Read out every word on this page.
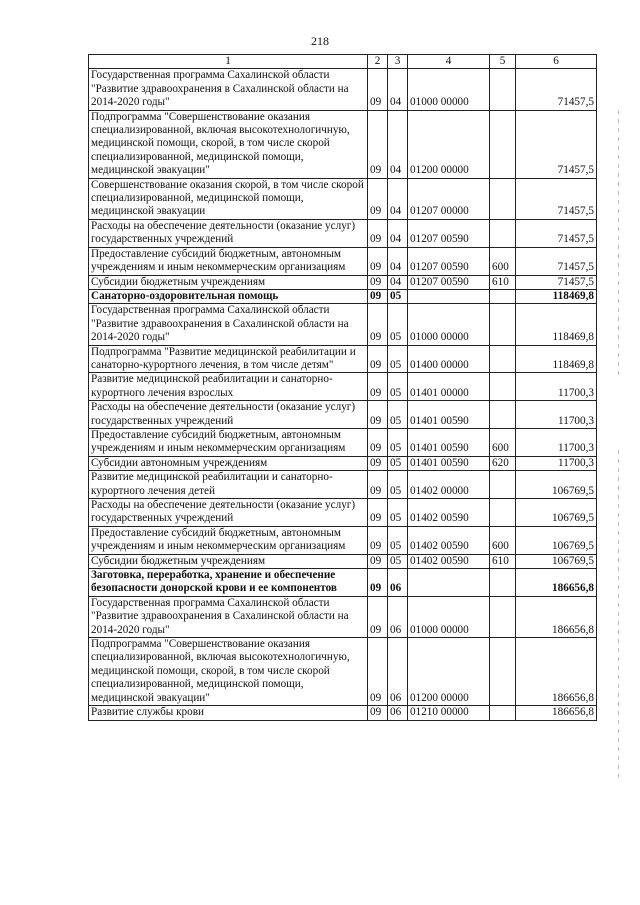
218
1	2	3	4	5	6
Государственная программа Сахалинской области "Развитие здравоохранения в Сахалинской области на 2014-2020 годы"	09	04	01000 00000		71457,5
Подпрограмма "Совершенствование оказания специализированной, включая высокотехнологичную, медицинской помощи, скорой, в том числе скорой специализированной, медицинской помощи, медицинской эвакуации"	09	04	01200 00000		71457,5
Совершенствование оказания скорой, в том числе скорой специализированной, медицинской помощи, медицинской эвакуации	09	04	01207 00000		71457,5
Расходы на обеспечение деятельности (оказание услуг) государственных учреждений	09	04	01207 00590		71457,5
Предоставление субсидий бюджетным, автономным учреждениям и иным некоммерческим организациям	09	04	01207 00590	600	71457,5
Субсидии бюджетным учреждениям	09	04	01207 00590	610	71457,5
Санаторно-оздоровительная помощь	09	05			118469,8
Государственная программа Сахалинской области "Развитие здравоохранения в Сахалинской области на 2014-2020 годы"	09	05	01000 00000		118469,8
Подпрограмма "Развитие медицинской реабилитации и санаторно-курортного лечения, в том числе детям"	09	05	01400 00000		118469,8
Развитие медицинской реабилитации и санаторно-курортного лечения взрослых	09	05	01401 00000		11700,3
Расходы на обеспечение деятельности (оказание услуг) государственных учреждений	09	05	01401 00590		11700,3
Предоставление субсидий бюджетным, автономным учреждениям и иным некоммерческим организациям	09	05	01401 00590	600	11700,3
Субсидии автономным учреждениям	09	05	01401 00590	620	11700,3
Развитие медицинской реабилитации и санаторно-курортного лечения детей	09	05	01402 00000		106769,5
Расходы на обеспечение деятельности (оказание услуг) государственных учреждений	09	05	01402 00590		106769,5
Предоставление субсидий бюджетным, автономным учреждениям и иным некоммерческим организациям	09	05	01402 00590	600	106769,5
Субсидии бюджетным учреждениям	09	05	01402 00590	610	106769,5
Заготовка, переработка, хранение и обеспечение безопасности донорской крови и ее компонентов	09	06			186656,8
Государственная программа Сахалинской области "Развитие здравоохранения в Сахалинской области на 2014-2020 годы"	09	06	01000 00000		186656,8
Подпрограмма "Совершенствование оказания специализированной, включая высокотехнологичную, медицинской помощи, скорой, в том числе скорой специализированной, медицинской помощи, медицинской эвакуации"	09	06	01200 00000		186656,8
Развитие службы крови	09	06	01210 00000		186656,8
